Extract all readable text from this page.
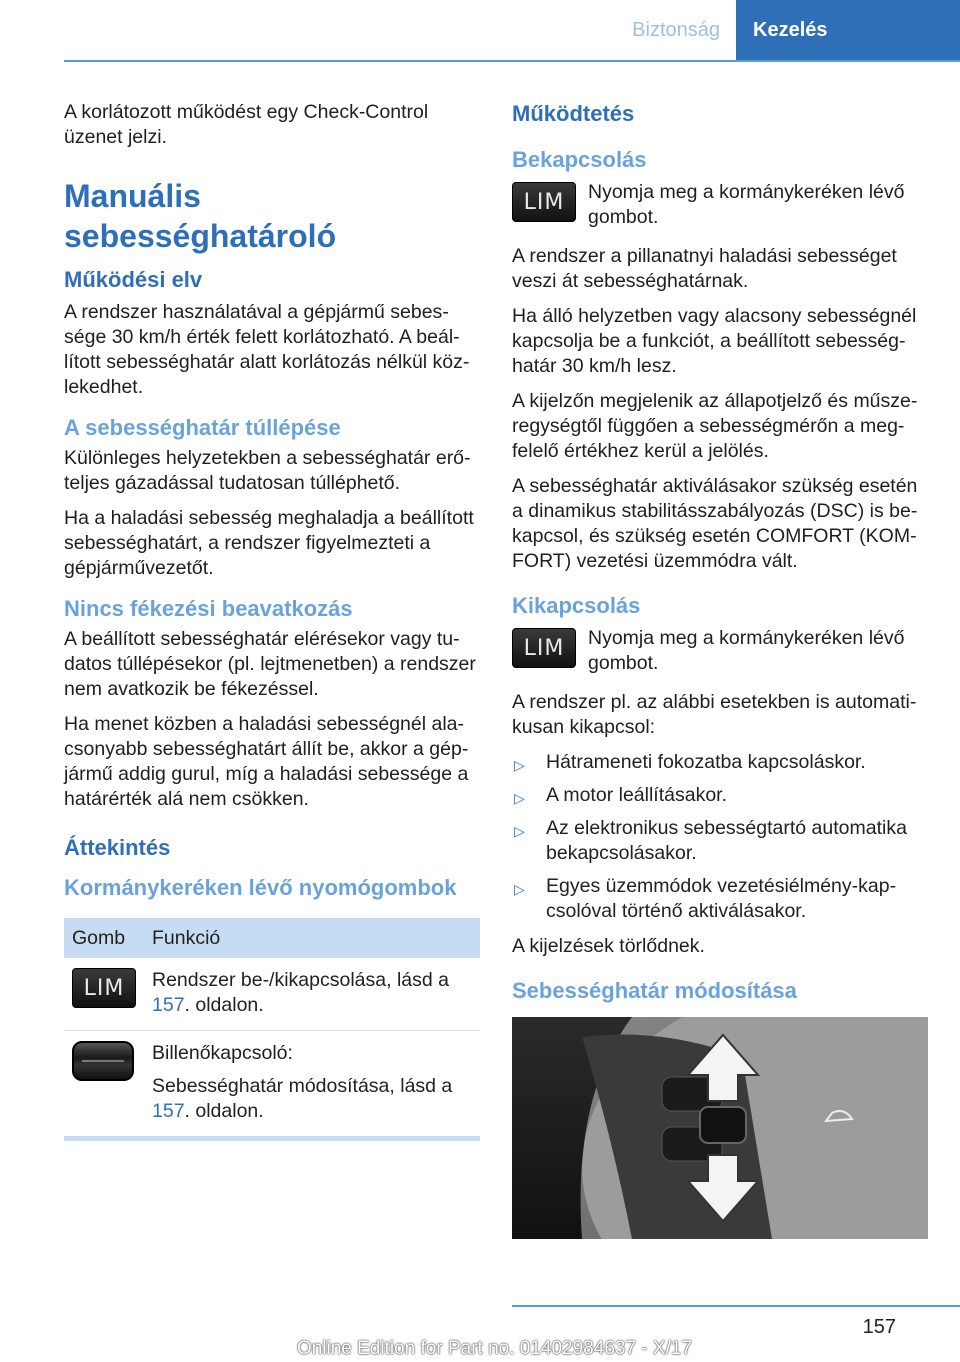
Biztonság	Kezelés

A korlátozott működést egy Check-Control üzenet jelzi.

Manuális sebességhatároló
Működési elv

A rendszer használatával a gépjármű sebessége 30 km/h érték felett korlátozható. A beállított sebességhatár alatt korlátozás nélkül közlekedhet.

A sebességhatár túllépése

Különleges helyzetekben a sebességhatár erőteljes gázadással tudatosan túlléphető.

Ha a haladási sebesség meghaladja a beállított sebességhatárt, a rendszer figyelmezteti a gépjárművezetőt.

Nincs fékezési beavatkozás

A beállított sebességhatár elérésekor vagy tudatos túllépésekor (pl. lejtmenetben) a rendszer nem avatkozik be fékezéssel.

Ha menet közben a haladási sebességnél alacsonyabb sebességhatárt állít be, akkor a gépjármű addig gurul, míg a haladási sebessége a határérték alá nem csökken.

Áttekintés
Kormánykeréken lévő nyomógombok
Gomb	Funkció
LIM	Rendszer be-/kikapcsolása, lásd a 157. oldalon.

	Billenőkapcsoló:

Sebességhatár módosítása, lásd a 157. oldalon.
Működtetés
Bekapcsolás
LIM	Nyomja meg a kormánykeréken lévő gombot.

A rendszer a pillanatnyi haladási sebességet veszi át sebességhatárnak.

Ha álló helyzetben vagy alacsony sebességnél kapcsolja be a funkciót, a beállított sebességhatár 30 km/h lesz.

A kijelzőn megjelenik az állapotjelző és műszeregységtől függően a sebességmérőn a megfelelő értékhez kerül a jelölés.

A sebességhatár aktiválásakor szükség esetén a dinamikus stabilitásszabályozás (DSC) is bekapcsol, és szükség esetén COMFORT (KOMFORT) vezetési üzemmódra vált.

Kikapcsolás
LIM	Nyomja meg a kormánykeréken lévő gombot.

A rendszer pl. az alábbi esetekben is automatikusan kikapcsol:

▷ Hátrameneti fokozatba kapcsoláskor.
▷ A motor leállításakor.
▷ Az elektronikus sebességtartó automatika bekapcsolásakor.
▷ Egyes üzemmódok vezetésiélmény-kapcsolóval történő aktiválásakor.

A kijelzések törlődnek.

Sebességhatár módosítása
157
Online Edition for Part no. 01402984637 - X/17
